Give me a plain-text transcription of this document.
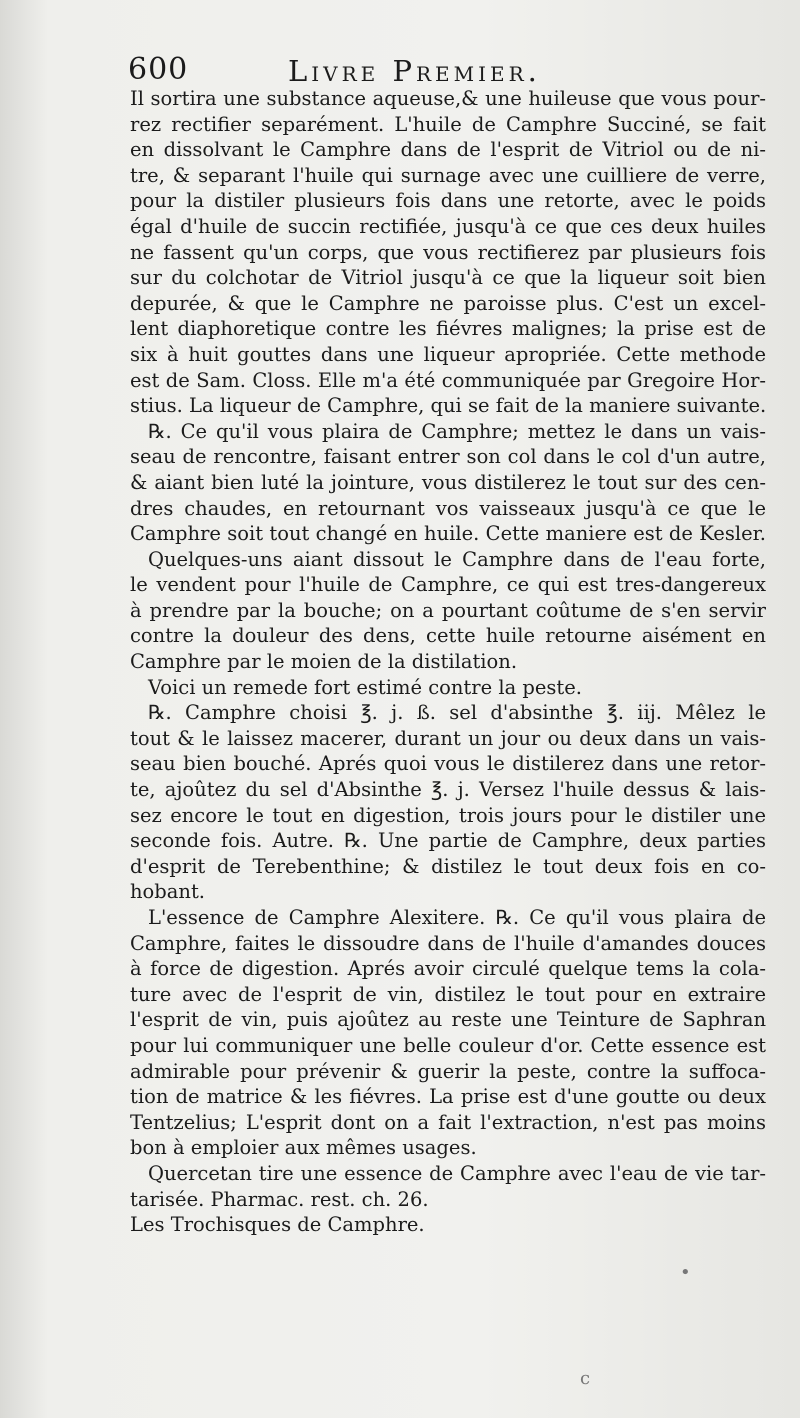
600	Livre Premier.
Il sortira une substance aqueuse,& une huileuse que vous pour-
rez rectifier separément. L'huile de Camphre Succiné, se fait
en dissolvant le Camphre dans de l'esprit de Vitriol ou de ni-
tre, & separant l'huile qui surnage avec une cuilliere de verre,
pour la distiler plusieurs fois dans une retorte, avec le poids
égal d'huile de succin rectifiée, jusqu'à ce que ces deux huiles
ne fassent qu'un corps, que vous rectifierez par plusieurs fois
sur du colchotar de Vitriol jusqu'à ce que la liqueur soit bien
depurée, & que le Camphre ne paroisse plus. C'est un excel-
lent diaphoretique contre les fiévres malignes; la prise est de
six à huit gouttes dans une liqueur apropriée. Cette methode
est de Sam. Closs. Elle m'a été communiquée par Gregoire Hor-
stius. La liqueur de Camphre, qui se fait de la maniere suivante.
℞. Ce qu'il vous plaira de Camphre; mettez le dans un vais-
seau de rencontre, faisant entrer son col dans le col d'un autre,
& aiant bien luté la jointure, vous distilerez le tout sur des cen-
dres chaudes, en retournant vos vaisseaux jusqu'à ce que le
Camphre soit tout changé en huile. Cette maniere est de Kesler.
Quelques-uns aiant dissout le Camphre dans de l'eau forte,
le vendent pour l'huile de Camphre, ce qui est tres-dangereux
à prendre par la bouche; on a pourtant coûtume de s'en servir
contre la douleur des dens, cette huile retourne aisément en
Camphre par le moien de la distilation.
Voici un remede fort estimé contre la peste.
℞. Camphre choisi ℥. j. ß. sel d'absinthe ℥. iij. Mêlez le
tout & le laissez macerer, durant un jour ou deux dans un vais-
seau bien bouché. Aprés quoi vous le distilerez dans une retor-
te, ajoûtez du sel d'Absinthe ℥. j. Versez l'huile dessus & lais-
sez encore le tout en digestion, trois jours pour le distiler une
seconde fois. Autre. ℞. Une partie de Camphre, deux parties
d'esprit de Terebenthine; & distilez le tout deux fois en co-
hobant.
L'essence de Camphre Alexitere. ℞. Ce qu'il vous plaira de
Camphre, faites le dissoudre dans de l'huile d'amandes douces
à force de digestion. Aprés avoir circulé quelque tems la cola-
ture avec de l'esprit de vin, distilez le tout pour en extraire
l'esprit de vin, puis ajoûtez au reste une Teinture de Saphran
pour lui communiquer une belle couleur d'or. Cette essence est
admirable pour prévenir & guerir la peste, contre la suffoca-
tion de matrice & les fiévres. La prise est d'une goutte ou deux
Tentzelius; L'esprit dont on a fait l'extraction, n'est pas moins
bon à emploier aux mêmes usages.
Quercetan tire une essence de Camphre avec l'eau de vie tar-
tarisée. Pharmac. rest. ch. 26.
Les Trochisques de Camphre.
•
c
